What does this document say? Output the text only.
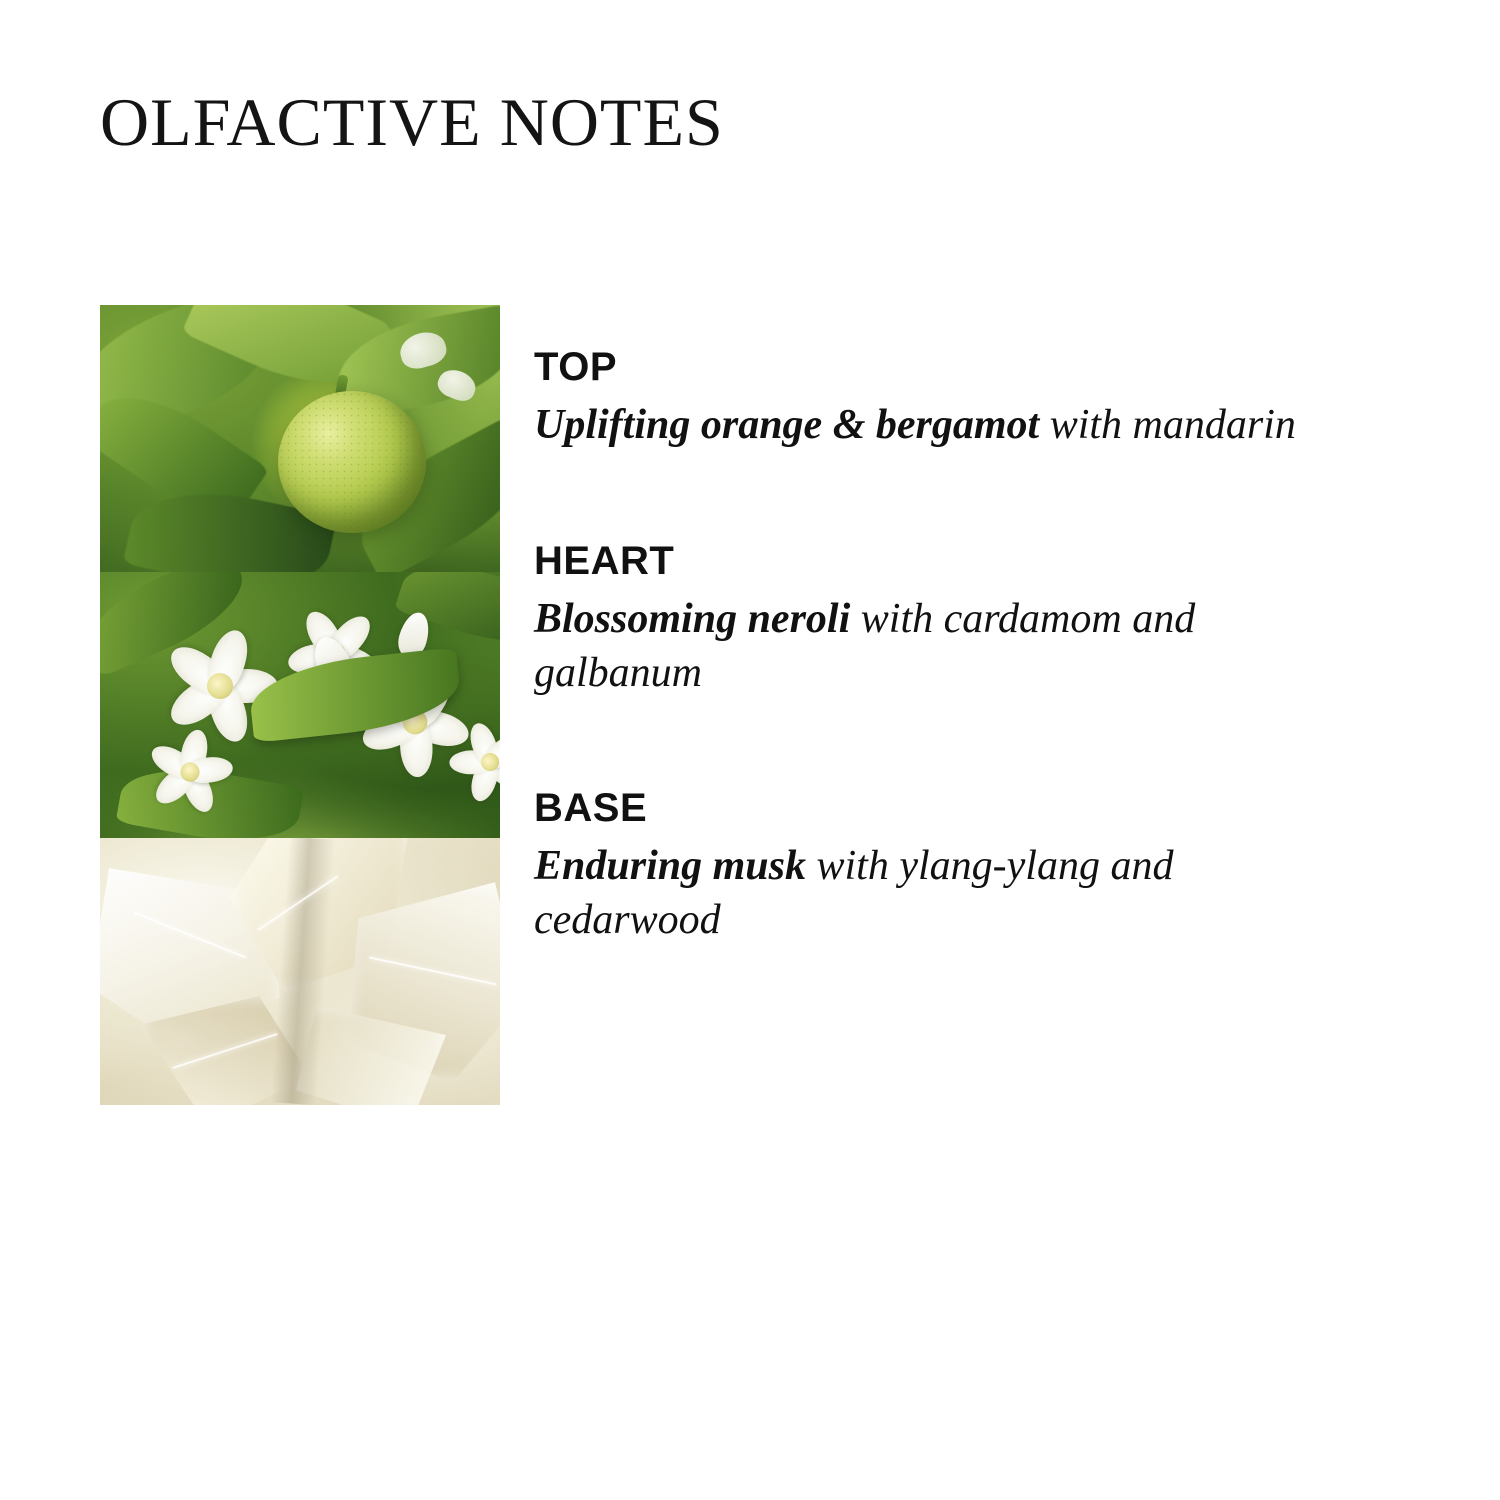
OLFACTIVE NOTES
TOP
Uplifting orange & bergamot with mandarin
HEART
Blossoming neroli with cardamom and galbanum
BASE
Enduring musk with ylang-ylang and cedarwood
